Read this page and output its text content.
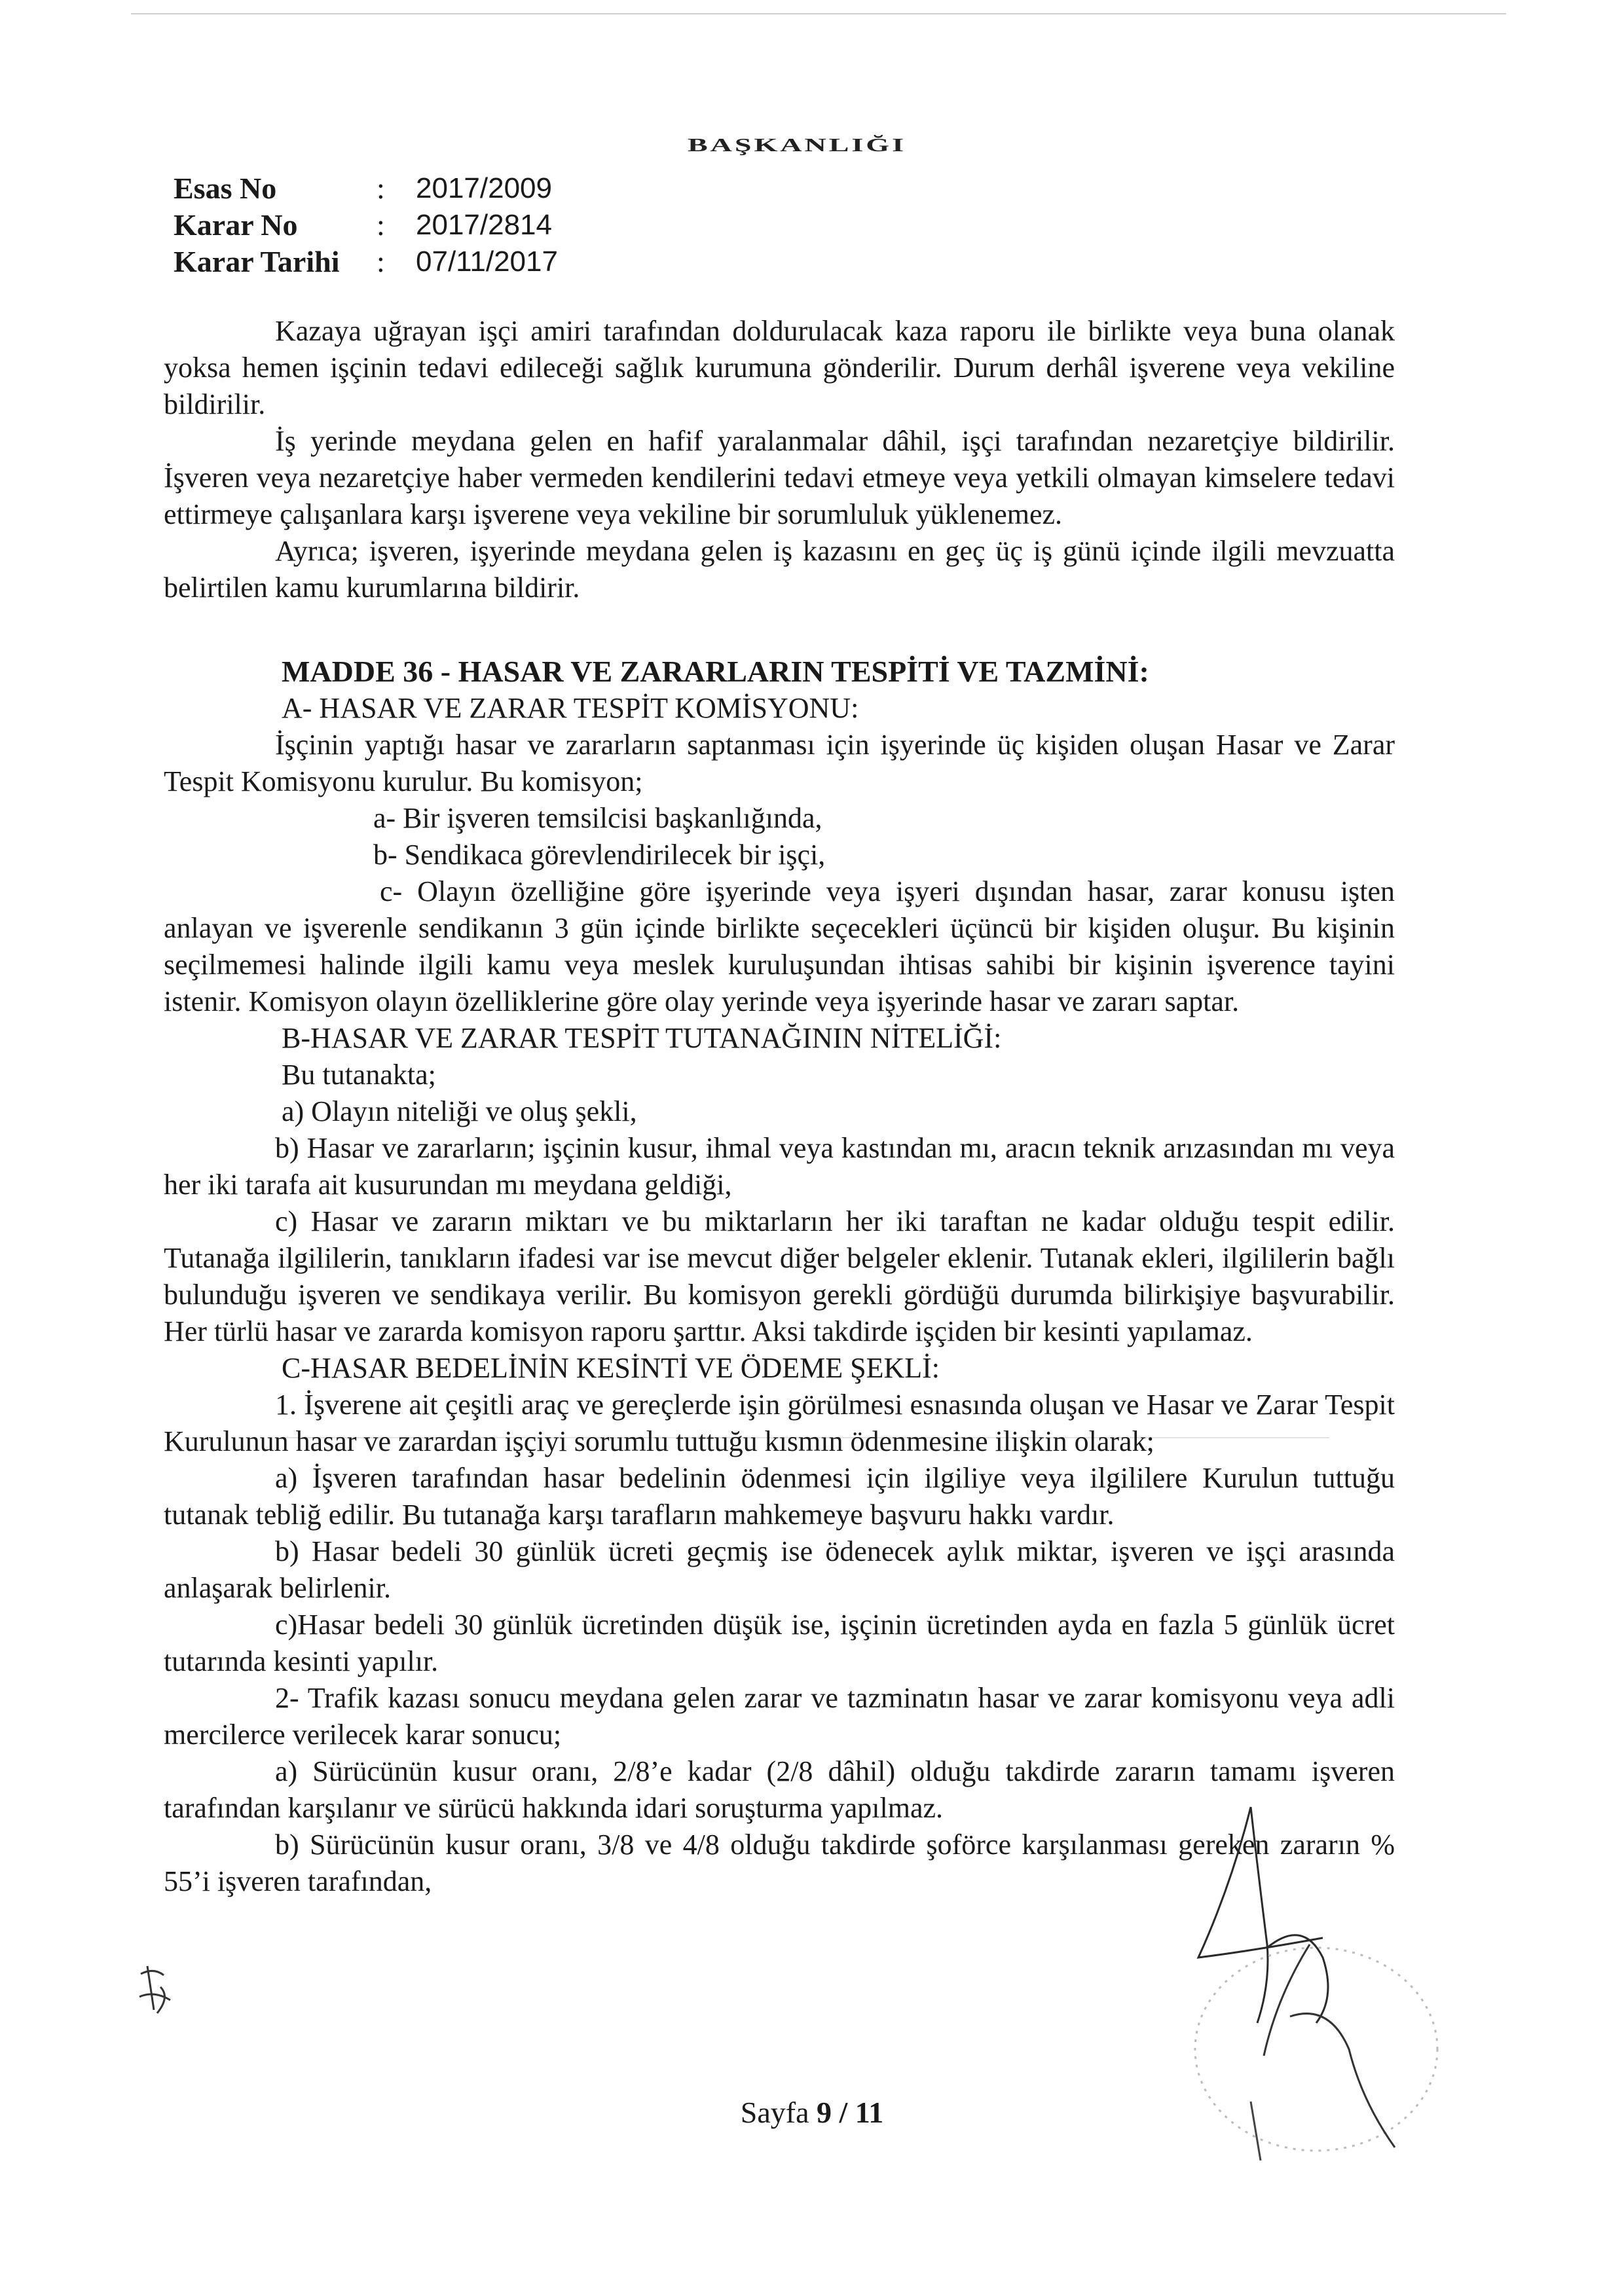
BAŞKANLIĞI
Esas No	:	2017/2009
Karar No	:	2017/2814
Karar Tarihi	:	07/11/2017

Kazaya uğrayan işçi amiri tarafından doldurulacak kaza raporu ile birlikte veya buna olanak yoksa hemen işçinin tedavi edileceği sağlık kurumuna gönderilir. Durum derhâl işverene veya vekiline bildirilir.

İş yerinde meydana gelen en hafif yaralanmalar dâhil, işçi tarafından nezaretçiye bildirilir. İşveren veya nezaretçiye haber vermeden kendilerini tedavi etmeye veya yetkili olmayan kimselere tedavi ettirmeye çalışanlara karşı işverene veya vekiline bir sorumluluk yüklenemez.

Ayrıca; işveren, işyerinde meydana gelen iş kazasını en geç üç iş günü içinde ilgili mevzuatta belirtilen kamu kurumlarına bildirir.

MADDE 36 - HASAR VE ZARARLARIN TESPİTİ VE TAZMİNİ:

A- HASAR VE ZARAR TESPİT KOMİSYONU:

İşçinin yaptığı hasar ve zararların saptanması için işyerinde üç kişiden oluşan Hasar ve Zarar Tespit Komisyonu kurulur. Bu komisyon;

a- Bir işveren temsilcisi başkanlığında,

b- Sendikaca görevlendirilecek bir işçi,

c- Olayın özelliğine göre işyerinde veya işyeri dışından hasar, zarar konusu işten anlayan ve işverenle sendikanın 3 gün içinde birlikte seçecekleri üçüncü bir kişiden oluşur. Bu kişinin seçilmemesi halinde ilgili kamu veya meslek kuruluşundan ihtisas sahibi bir kişinin işverence tayini istenir. Komisyon olayın özelliklerine göre olay yerinde veya işyerinde hasar ve zararı saptar.

B-HASAR VE ZARAR TESPİT TUTANAĞININ NİTELİĞİ:

Bu tutanakta;

a) Olayın niteliği ve oluş şekli,

b) Hasar ve zararların; işçinin kusur, ihmal veya kastından mı, aracın teknik arızasından mı veya her iki tarafa ait kusurundan mı meydana geldiği,

c) Hasar ve zararın miktarı ve bu miktarların her iki taraftan ne kadar olduğu tespit edilir. Tutanağa ilgililerin, tanıkların ifadesi var ise mevcut diğer belgeler eklenir. Tutanak ekleri, ilgililerin bağlı bulunduğu işveren ve sendikaya verilir. Bu komisyon gerekli gördüğü durumda bilirkişiye başvurabilir. Her türlü hasar ve zararda komisyon raporu şarttır. Aksi takdirde işçiden bir kesinti yapılamaz.

C-HASAR BEDELİNİN KESİNTİ VE ÖDEME ŞEKLİ:

1. İşverene ait çeşitli araç ve gereçlerde işin görülmesi esnasında oluşan ve Hasar ve Zarar Tespit Kurulunun hasar ve zarardan işçiyi sorumlu tuttuğu kısmın ödenmesine ilişkin olarak;

a) İşveren tarafından hasar bedelinin ödenmesi için ilgiliye veya ilgililere Kurulun tuttuğu tutanak tebliğ edilir. Bu tutanağa karşı tarafların mahkemeye başvuru hakkı vardır.

b) Hasar bedeli 30 günlük ücreti geçmiş ise ödenecek aylık miktar, işveren ve işçi arasında anlaşarak belirlenir.

c)Hasar bedeli 30 günlük ücretinden düşük ise, işçinin ücretinden ayda en fazla 5 günlük ücret tutarında kesinti yapılır.

2- Trafik kazası sonucu meydana gelen zarar ve tazminatın hasar ve zarar komisyonu veya adli mercilerce verilecek karar sonucu;

a) Sürücünün kusur oranı, 2/8’e kadar (2/8 dâhil) olduğu takdirde zararın tamamı işveren tarafından karşılanır ve sürücü hakkında idari soruşturma yapılmaz.

b) Sürücünün kusur oranı, 3/8 ve 4/8 olduğu takdirde şoförce karşılanması gereken zararın % 55’i işveren tarafından,

Sayfa 9 / 11
